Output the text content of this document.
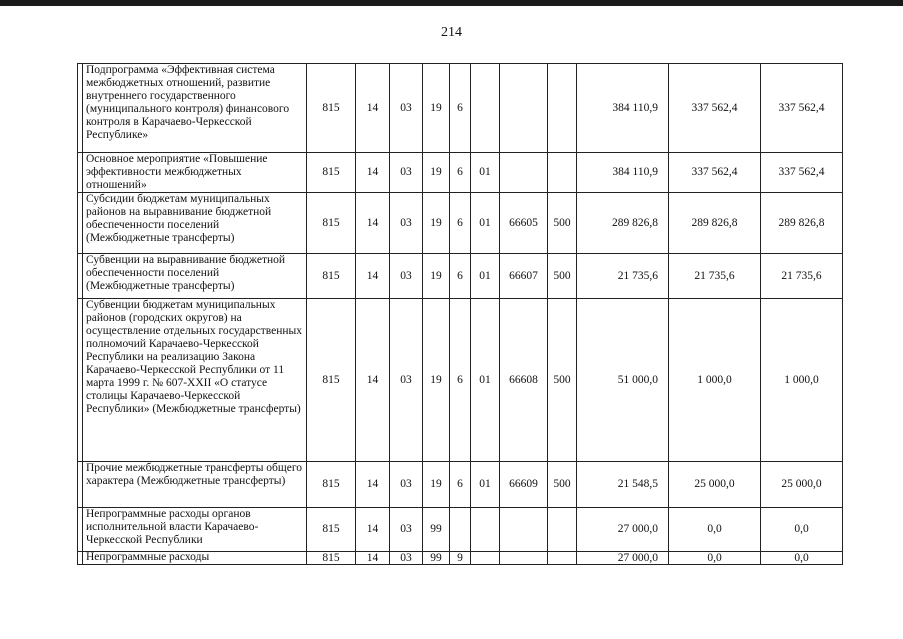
214
	Подпрограмма «Эффективная система межбюджетных отношений, развитие внутреннего государственного (муниципального контроля) финансового контроля в Карачаево-Черкесской Республике»	815	14	03	19	6				384 110,9	337 562,4	337 562,4
	Основное мероприятие «Повышение эффективности межбюджетных отношений»	815	14	03	19	6	01			384 110,9	337 562,4	337 562,4
	Субсидии бюджетам муниципальных районов на выравнивание бюджетной обеспеченности поселений (Межбюджетные трансферты)	815	14	03	19	6	01	66605	500	289 826,8	289 826,8	289 826,8
	Субвенции на выравнивание бюджетной обеспеченности поселений (Межбюджетные трансферты)	815	14	03	19	6	01	66607	500	21 735,6	21 735,6	21 735,6
	Субвенции бюджетам муниципальных районов (городских округов) на осуществление отдельных государственных полномочий Карачаево-Черкесской Республики на реализацию Закона Карачаево-Черкесской Республики от 11 марта 1999 г. № 607-XXII «О статусе столицы Карачаево-Черкесской Республики» (Межбюджетные трансферты)	815	14	03	19	6	01	66608	500	51 000,0	1 000,0	1 000,0
	Прочие межбюджетные трансферты общего характера (Межбюджетные трансферты)	815	14	03	19	6	01	66609	500	21 548,5	25 000,0	25 000,0
	Непрограммные расходы органов исполнительной власти Карачаево-Черкесской Республики	815	14	03	99					27 000,0	0,0	0,0
	Непрограммные расходы	815	14	03	99	9				27 000,0	0,0	0,0
